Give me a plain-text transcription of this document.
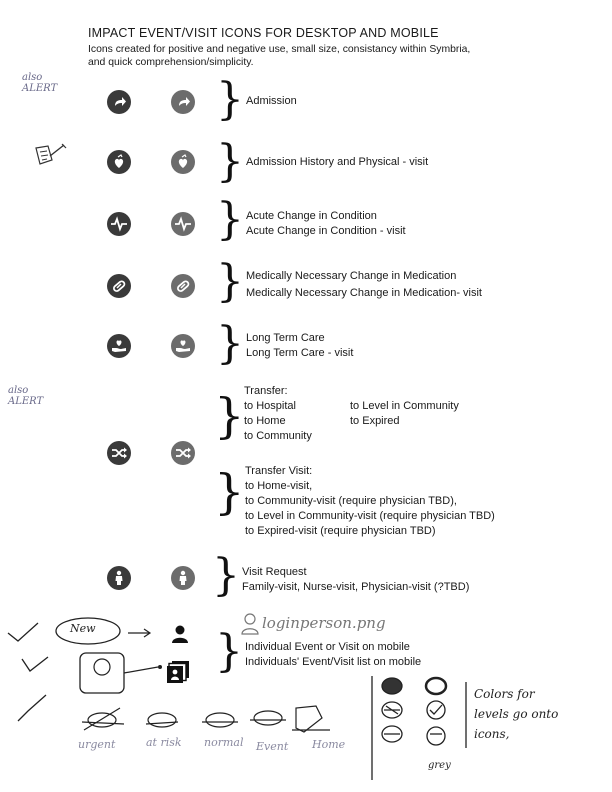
IMPACT EVENT/VISIT ICONS FOR DESKTOP AND MOBILE
Icons created for positive and negative use, small size, consistancy within Symbria,
and quick comprehension/simplicity.
also
ALERT
also
ALERT
} Admission
} Admission History and Physical - visit
} Acute Change in Condition
Acute Change in Condition - visit
} Medically Necessary Change in Medication
Medically Necessary Change in Medication- visit
} Long Term Care
Long Term Care - visit
} Transfer:
to Hospital
to Home
to Community
to Level in Community
to Expired
} Transfer Visit:
to Home-visit,
to Community-visit (require physician TBD),
to Level in Community-visit (require physician TBD)
to Expired-visit (require physician TBD)
} Visit Request
Family-visit, Nurse-visit, Physician-visit (?TBD)
New	loginperson.png
} Individual Event or Visit on mobile
Individuals' Event/Visit list on mobile
urgent	at risk normal Event Home
grey
Colors for
levels go onto
icons,
